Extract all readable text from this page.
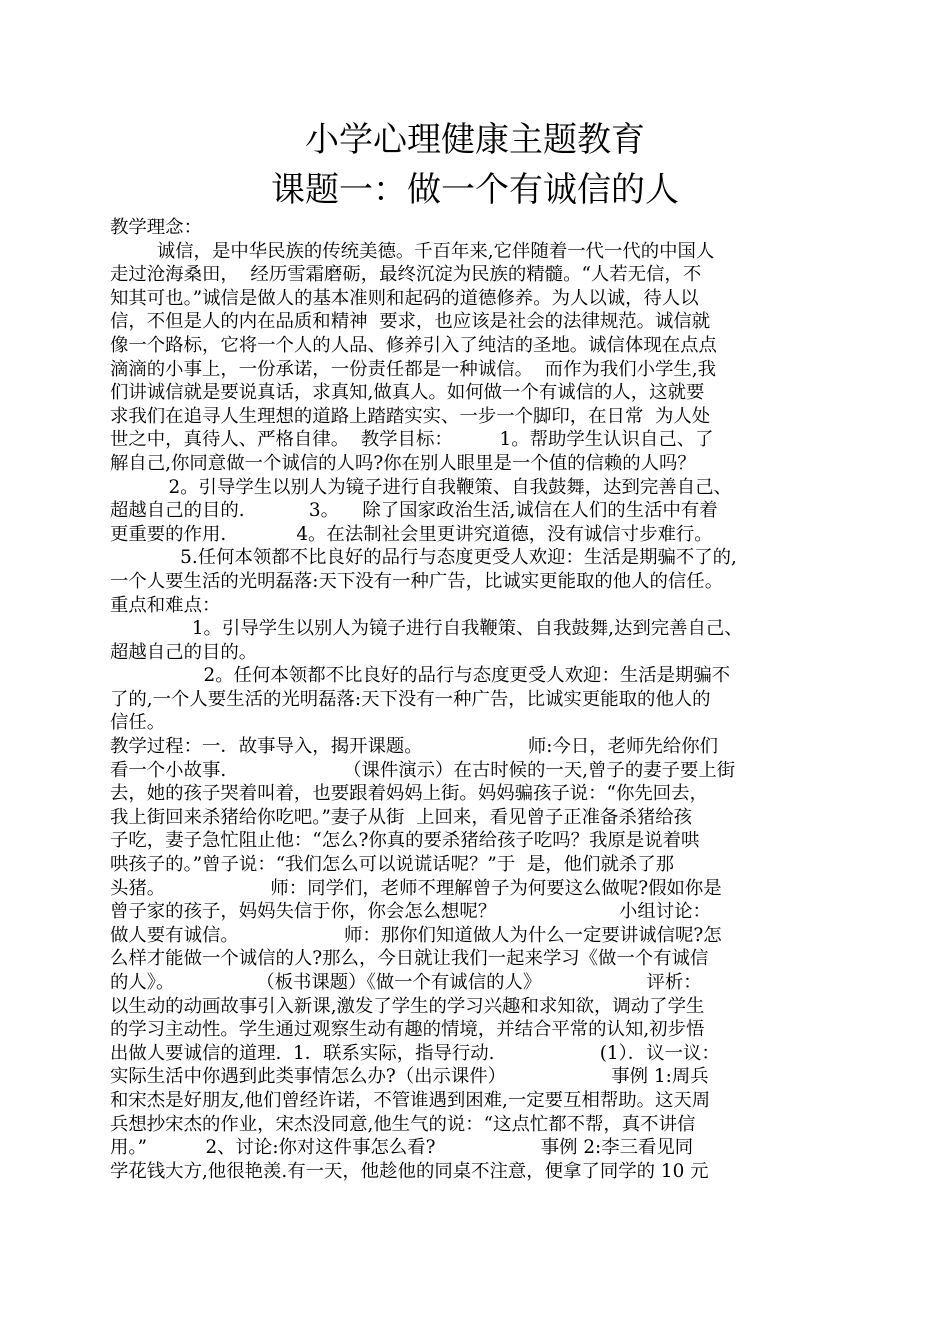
小学心理健康主题教育
课题一：做一个有诚信的人
教学理念：
诚信，是中华民族的传统美德。千百年来,它伴随着一代一代的中国人
走过沧海桑田，  经历雪霜磨砺，最终沉淀为民族的精髓。“人若无信，不
知其可也。”诚信是做人的基本准则和起码的道德修养。为人以诚，待人以
信，不但是人的内在品质和精神  要求，也应该是社会的法律规范。诚信就
像一个路标，它将一个人的人品、修养引入了纯洁的圣地。诚信体现在点点
滴滴的小事上，一份承诺，一份责任都是一种诚信。  而作为我们小学生,我
们讲诚信就是要说真话，求真知,做真人。如何做一个有诚信的人，这就要
求我们在追寻人生理想的道路上踏踏实实、一步一个脚印，在日常  为人处
世之中，真待人、严格自律。  教学目标：        1。帮助学生认识自己、了
解自己,你同意做一个诚信的人吗?你在别人眼里是一个值的信赖的人吗？
2。引导学生以别人为镜子进行自我鞭策、自我鼓舞，达到完善自己、
超越自己的目的.           3。    除了国家政治生活,诚信在人们的生活中有着
更重要的作用.            4。在法制社会里更讲究道德，没有诚信寸步难行。
5.任何本领都不比良好的品行与态度更受人欢迎：生活是期骗不了的,
一个人要生活的光明磊落:天下没有一种广告，比诚实更能取的他人的信任。
重点和难点：
1。引导学生以别人为镜子进行自我鞭策、自我鼓舞,达到完善自己、
超越自己的目的。
2。任何本领都不比良好的品行与态度更受人欢迎：生活是期骗不
了的,一个人要生活的光明磊落:天下没有一种广告，比诚实更能取的他人的
信任。
教学过程：一．故事导入，揭开课题。                  师:今日，老师先给你们
看一个小故事.                    （课件演示）在古时候的一天,曾子的妻子要上街
去，她的孩子哭着叫着，也要跟着妈妈上街。妈妈骗孩子说：“你先回去，
我上街回来杀猪给你吃吧。”妻子从街  上回来，看见曾子正准备杀猪给孩
子吃，妻子急忙阻止他：“怎么?你真的要杀猪给孩子吃吗？我原是说着哄
哄孩子的。”曾子说：“我们怎么可以说谎话呢？”于  是，他们就杀了那
头猪。                  师：同学们，老师不理解曾子为何要这么做呢?假如你是
曾子家的孩子，妈妈失信于你，你会怎么想呢？                     小组讨论：
做人要有诚信。                  师：那你们知道做人为什么一定要讲诚信呢?怎
么样才能做一个诚信的人?那么，今日就让我们一起来学习《做一个有诚信
的人》。              （板书课题）《做一个有诚信的人》                  评析：
以生动的动画故事引入新课,激发了学生的学习兴趣和求知欲，调动了学生
的学习主动性。学生通过观察生动有趣的情境，并结合平常的认知,初步悟
出做人要诚信的道理.  1．联系实际，指导行动.                  (1）．议一议：
实际生活中你遇到此类事情怎么办?（出示课件）                  事例 1:周兵
和宋杰是好朋友,他们曾经许诺，不管谁遇到困难,一定要互相帮助。这天周
兵想抄宋杰的作业，宋杰没同意,他生气的说：“这点忙都不帮，真不讲信
用。”          2、讨论:你对这件事怎么看?                  事例 2:李三看见同
学花钱大方,他很艳羡.有一天，他趁他的同桌不注意，便拿了同学的 10 元
